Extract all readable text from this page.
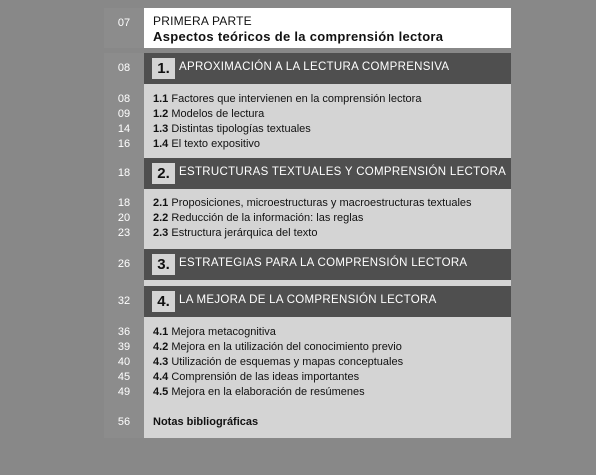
07	PRIMERA PARTE
Aspectos teóricos de la comprensión lectora
08	1. APROXIMACIÓN A LA LECTURA COMPRENSIVA
08	1.1 Factores que intervienen en la comprensión lectora
09	1.2 Modelos de lectura
14	1.3 Distintas tipologías textuales
16	1.4 El texto expositivo
18	2. ESTRUCTURAS TEXTUALES Y COMPRENSIÓN LECTORA
18	2.1 Proposiciones, microestructuras y macroestructuras textuales
20	2.2 Reducción de la información: las reglas
23	2.3 Estructura jerárquica del texto
26	3. ESTRATEGIAS PARA LA COMPRENSIÓN LECTORA
32	4. LA MEJORA DE LA COMPRENSIÓN LECTORA
36	4.1 Mejora metacognitiva
39	4.2 Mejora en la utilización del conocimiento previo
40	4.3 Utilización de esquemas y mapas conceptuales
45	4.4 Comprensión de las ideas importantes
49	4.5 Mejora en la elaboración de resúmenes
56	Notas bibliográficas
